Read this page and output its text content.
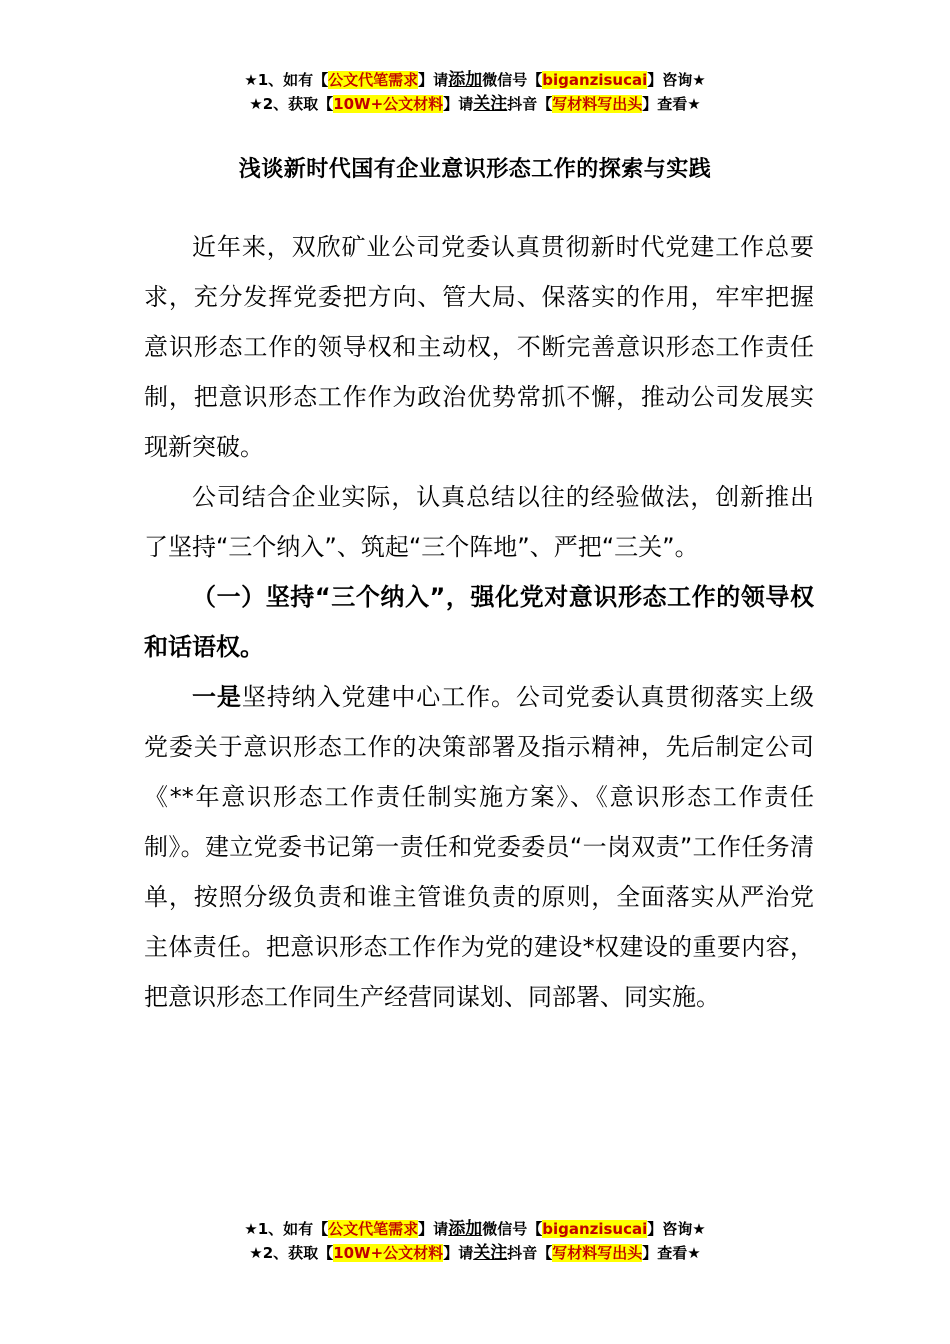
★1、如有【公文代笔需求】请添加微信号【biganzisucai】咨询★
★2、获取【10W+公文材料】请关注抖音【写材料写出头】查看★
浅谈新时代国有企业意识形态工作的探索与实践

近年来，双欣矿业公司党委认真贯彻新时代党建工作总要求，充分发挥党委把方向、管大局、保落实的作用，牢牢把握意识形态工作的领导权和主动权，不断完善意识形态工作责任制，把意识形态工作作为政治优势常抓不懈，推动公司发展实现新突破。

公司结合企业实际，认真总结以往的经验做法，创新推出了坚持“三个纳入”、筑起“三个阵地”、严把“三关”。

（一）坚持“三个纳入”，强化党对意识形态工作的领导权和话语权。

一是坚持纳入党建中心工作。公司党委认真贯彻落实上级党委关于意识形态工作的决策部署及指示精神，先后制定公司《**年意识形态工作责任制实施方案》、《意识形态工作责任制》。建立党委书记第一责任和党委委员“一岗双责”工作任务清单，按照分级负责和谁主管谁负责的原则，全面落实从严治党主体责任。把意识形态工作作为党的建设*权建设的重要内容，把意识形态工作同生产经营同谋划、同部署、同实施。

★1、如有【公文代笔需求】请添加微信号【biganzisucai】咨询★
★2、获取【10W+公文材料】请关注抖音【写材料写出头】查看★
